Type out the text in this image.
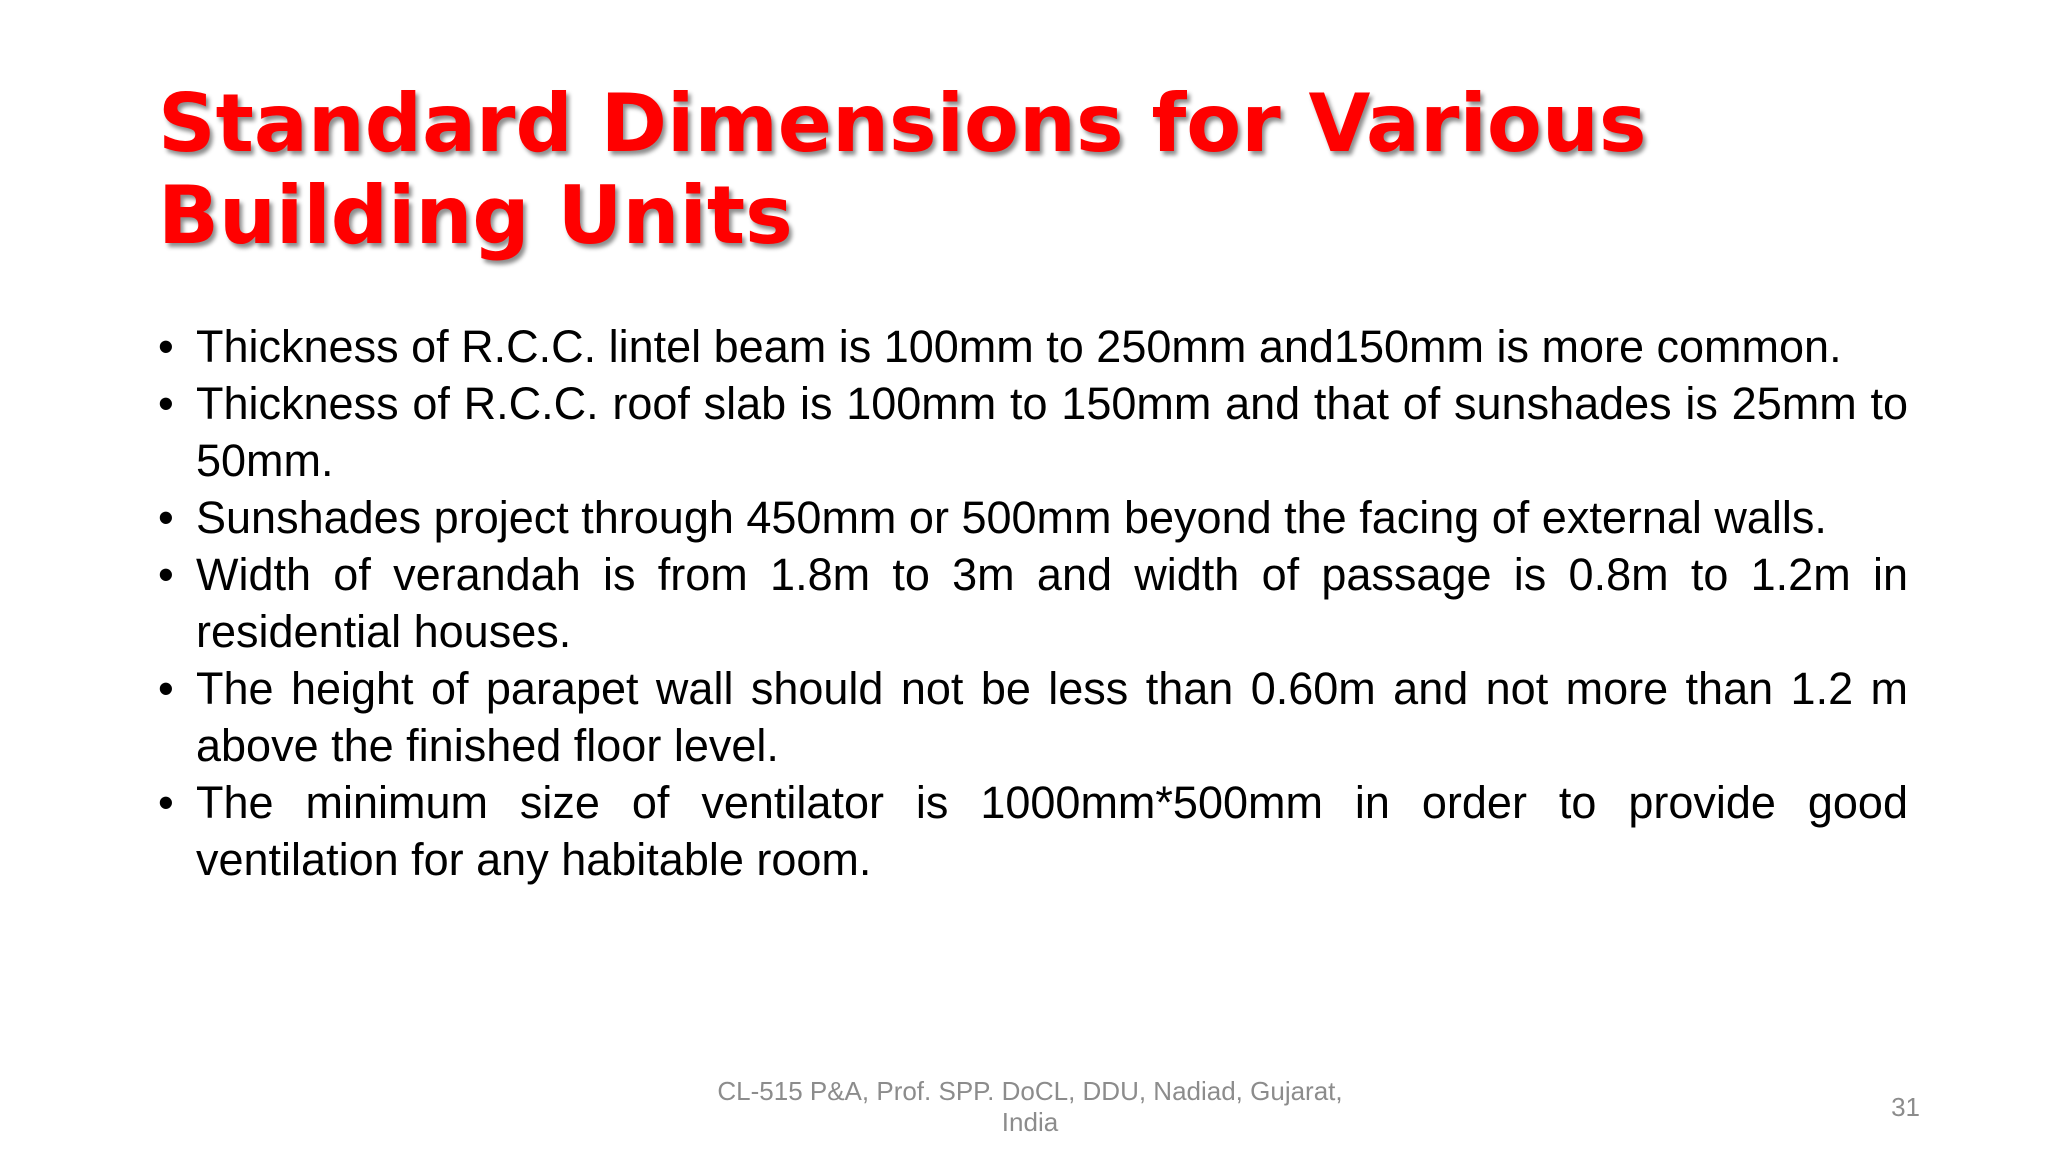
Standard Dimensions for Various
Building Units
• Thickness of R.C.C. lintel beam is 100mm to 250mm and150mm is more common.
• Thickness of R.C.C. roof slab is 100mm to 150mm and that of sunshades is 25mm to 50mm.
• Sunshades project through 450mm or 500mm beyond the facing of external walls.
• Width of verandah is from 1.8m to 3m and width of passage is 0.8m to 1.2m in residential houses.
• The height of parapet wall should not be less than 0.60m and not more than 1.2 m above the finished floor level.
• The minimum size of ventilator is 1000mm*500mm in order to provide good ventilation for any habitable room.
CL-515 P&A, Prof. SPP. DoCL, DDU, Nadiad, Gujarat, India	31
